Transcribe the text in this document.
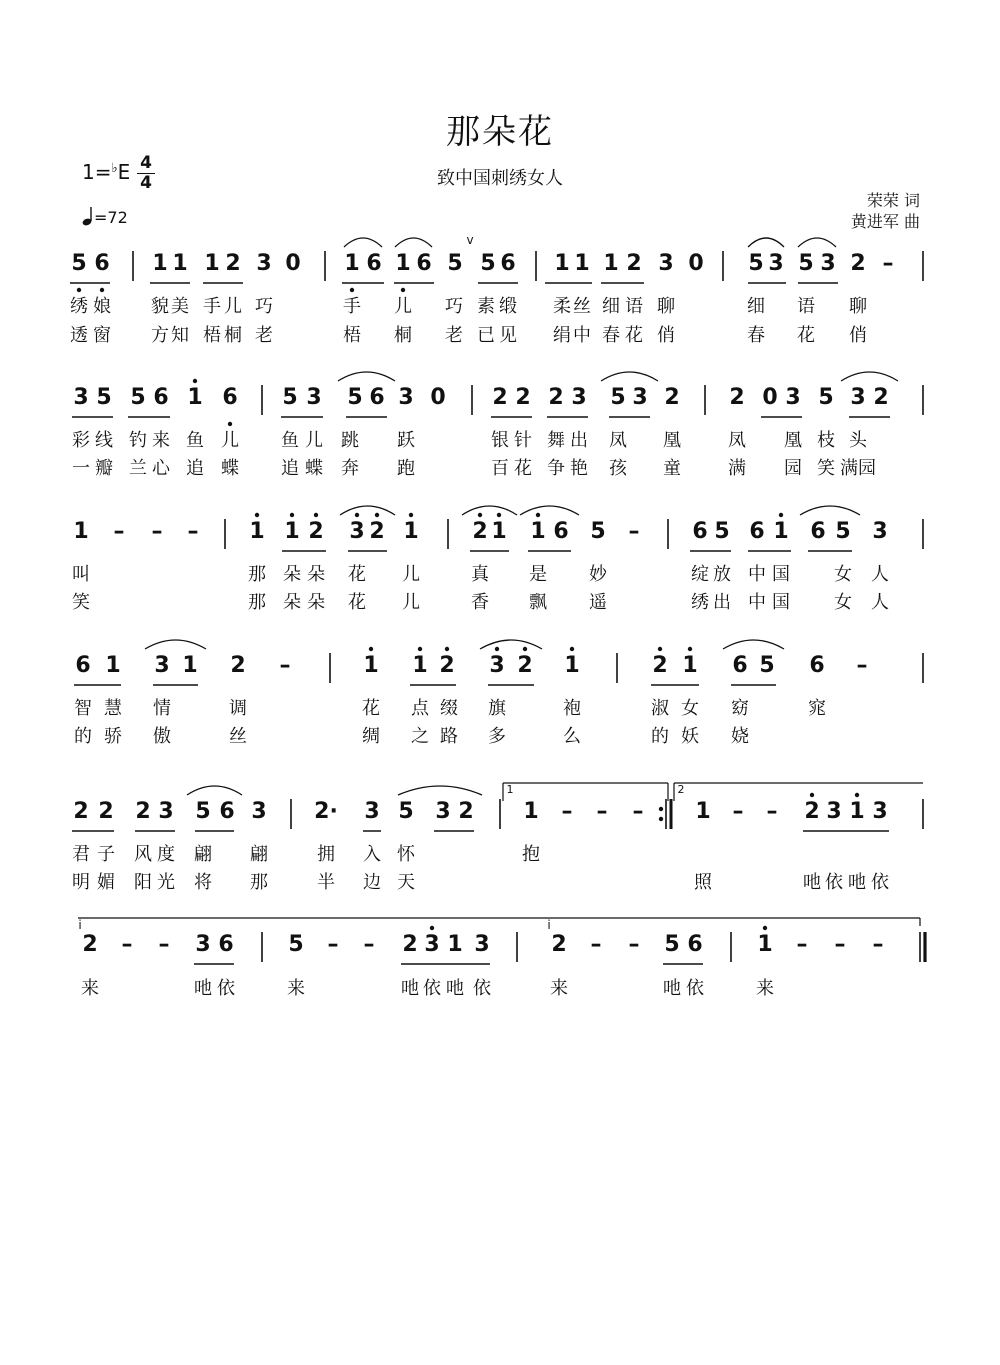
那朵花
致中国刺绣女人
1=♭E 4
4
=72
荣荣 词
黄进军 曲
5 6 1 1 1 2 3 0 1 6 1 6 5 5 6 1 1 1 2 3 0 5 3 5 3 2 –
绣 娘 貌 美 手 儿 巧	手 儿 巧 素 缎 柔 丝 细 语 聊	细 语 聊
透 窗 方 知 梧 桐 老	梧 桐 老 已 见 绢 中 春 花 俏	春 花 俏
v
3 5 5 6 1 6 5 3 5 6 3 0 2 2 2 3 5 3 2 2 0 3 5 3 2
彩 线 钓 来 鱼 儿 鱼 儿 跳 跃	银 针 舞 出 凤 凰	凤 凰 枝 头
一 瓣 兰 心 追 蝶 追 蝶 奔 跑	百 花 争 艳 孩 童	满 园 笑 满园
1 – – – 1 1 2 3 2 1 2 1 1 6 5 – 6 5 6 1 6 5 3
叫	那 朵 朵 花 儿	真 是 妙	绽 放 中 国 女 人
笑	那 朵 朵 花 儿	香 飘 遥	绣 出 中 国 女 人
6 1 3 1 2 –	1 1 2 3 2 1	2 1 6 5 6 –
智 慧 情	调	花 点 缀 旗	袍	淑 女 窈	窕
的 骄 傲	丝	绸 之 路 多	么	的 妖 娆
2 2 2 3 5 6 3 2· 3 5 3 2 1 – – – 1 – – 2 3 1 3
君 子 风 度 翩 翩	拥 入 怀	抱
明 媚 阳 光 将 那	半 边 天	照	吔 依 吔 依
1	2
2 – – 3 6 5 – – 2 3 1 3	2 – – 5 6 1 – – –
来	吔 依	来	吔 依 吔 依	来	吔 依	来
i	i
